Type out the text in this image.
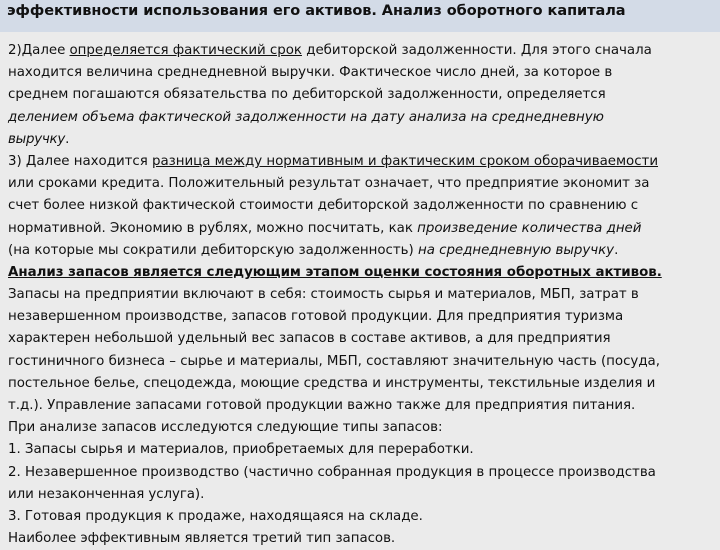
эффективности использования его активов. Анализ оборотного капитала
2)Далее определяется фактический срок дебиторской задолженности. Для этого сначала
находится величина среднедневной выручки. Фактическое число дней, за которое в
среднем погашаются обязательства по дебиторской задолженности, определяется
делением объема фактической задолженности на дату анализа на среднедневную
выручку.
3) Далее находится разница между нормативным и фактическим сроком оборачиваемости
или сроками кредита. Положительный результат означает, что предприятие экономит за
счет более низкой фактической стоимости дебиторской задолженности по сравнению с
нормативной. Экономию в рублях, можно посчитать, как произведение количества дней
(на которые мы сократили дебиторскую задолженность) на среднедневную выручку.
Анализ запасов является следующим этапом оценки состояния оборотных активов.
Запасы на предприятии включают в себя: стоимость сырья и материалов, МБП, затрат в
незавершенном производстве, запасов готовой продукции. Для предприятия туризма
характерен небольшой удельный вес запасов в составе активов, а для предприятия
гостиничного бизнеса – сырье и материалы, МБП, составляют значительную часть (посуда,
постельное белье, спецодежда, моющие средства и инструменты, текстильные изделия и
т.д.). Управление запасами готовой продукции важно также для предприятия питания.
При анализе запасов исследуются следующие типы запасов:
1. Запасы сырья и материалов, приобретаемых для переработки.
2. Незавершенное производство (частично собранная продукция в процессе производства
или незаконченная услуга).
3. Готовая продукция к продаже, находящаяся на складе.
Наиболее эффективным является третий тип запасов.
